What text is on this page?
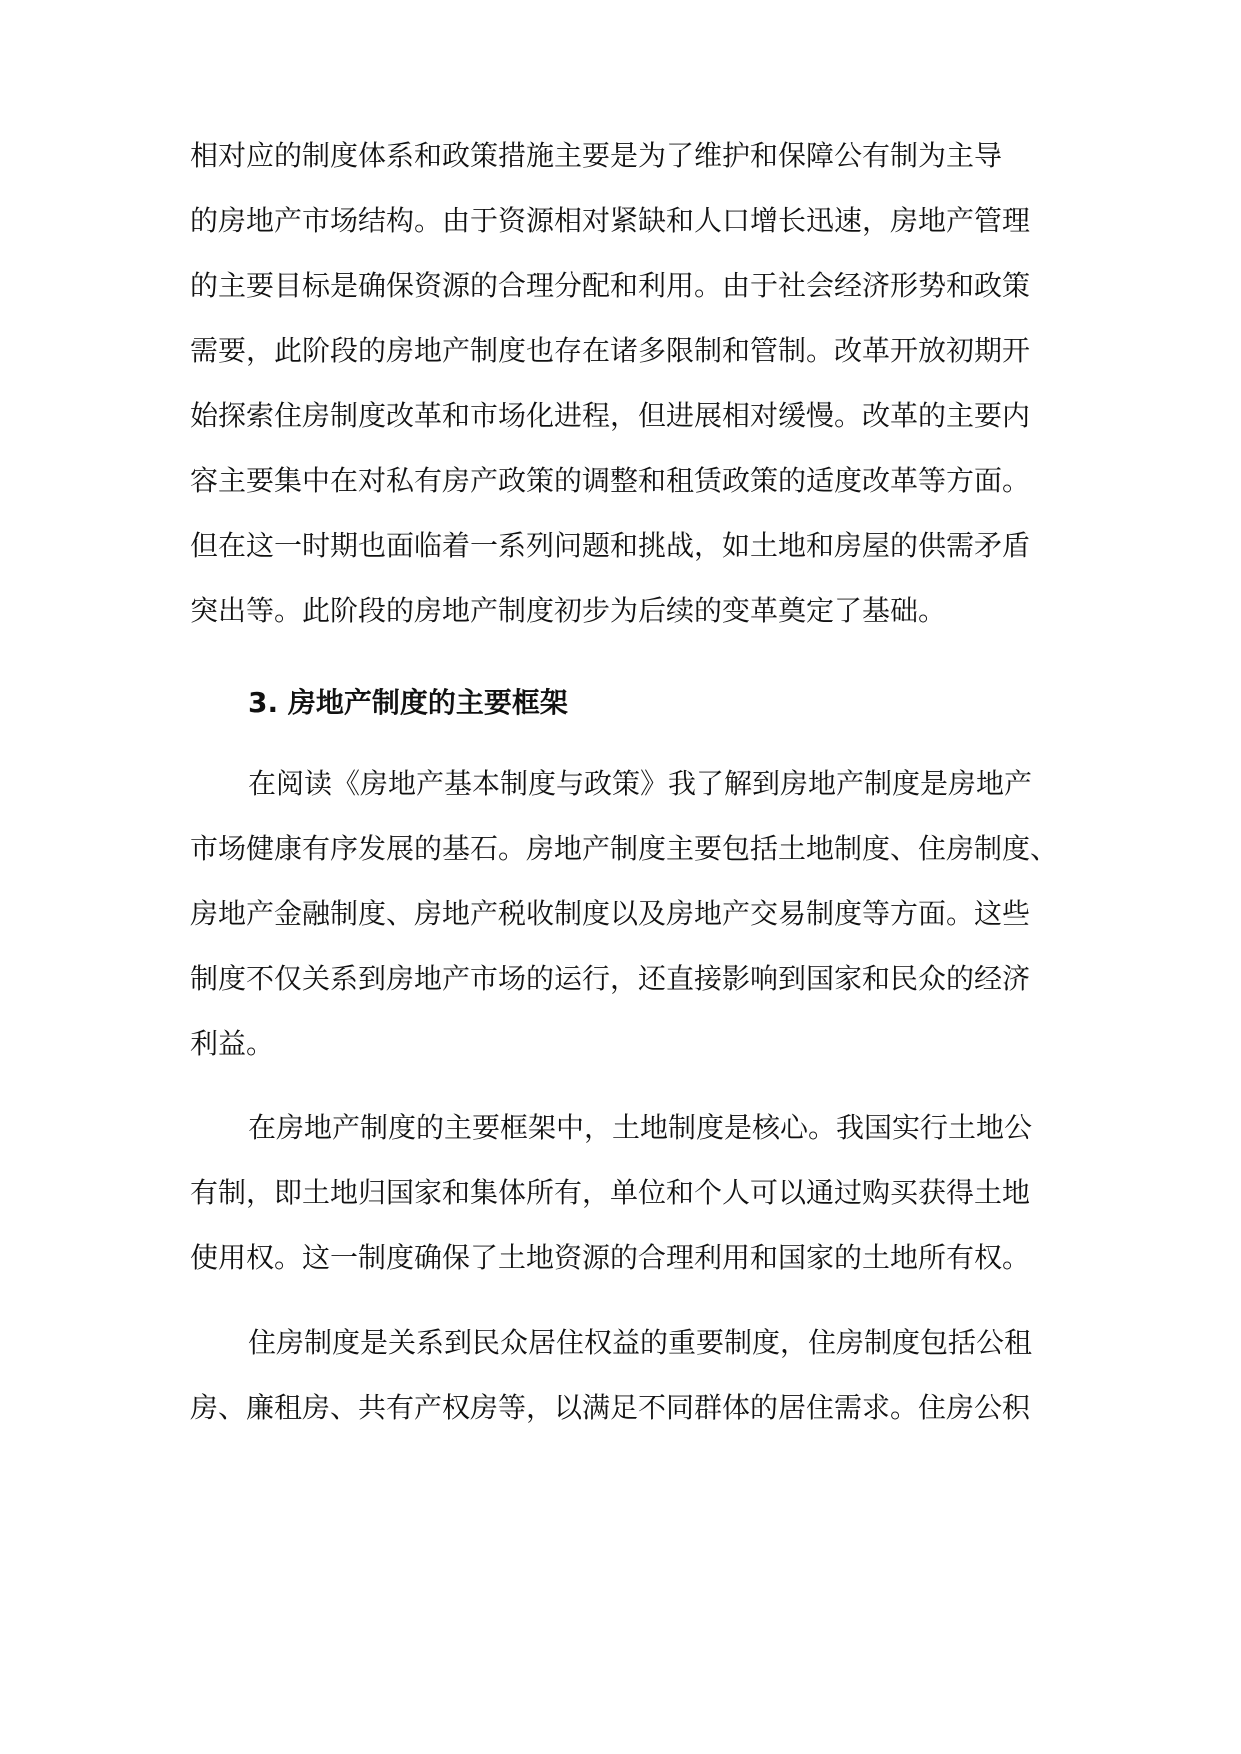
相对应的制度体系和政策措施主要是为了维护和保障公有制为主导
的房地产市场结构。由于资源相对紧缺和人口增长迅速，房地产管理
的主要目标是确保资源的合理分配和利用。由于社会经济形势和政策
需要，此阶段的房地产制度也存在诸多限制和管制。改革开放初期开
始探索住房制度改革和市场化进程，但进展相对缓慢。改革的主要内
容主要集中在对私有房产政策的调整和租赁政策的适度改革等方面。
但在这一时期也面临着一系列问题和挑战，如土地和房屋的供需矛盾
突出等。此阶段的房地产制度初步为后续的变革奠定了基础。
3. 房地产制度的主要框架
在阅读《房地产基本制度与政策》我了解到房地产制度是房地产
市场健康有序发展的基石。房地产制度主要包括土地制度、住房制度、
房地产金融制度、房地产税收制度以及房地产交易制度等方面。这些
制度不仅关系到房地产市场的运行，还直接影响到国家和民众的经济
利益。
在房地产制度的主要框架中，土地制度是核心。我国实行土地公
有制，即土地归国家和集体所有，单位和个人可以通过购买获得土地
使用权。这一制度确保了土地资源的合理利用和国家的土地所有权。
住房制度是关系到民众居住权益的重要制度，住房制度包括公租
房、廉租房、共有产权房等，以满足不同群体的居住需求。住房公积
